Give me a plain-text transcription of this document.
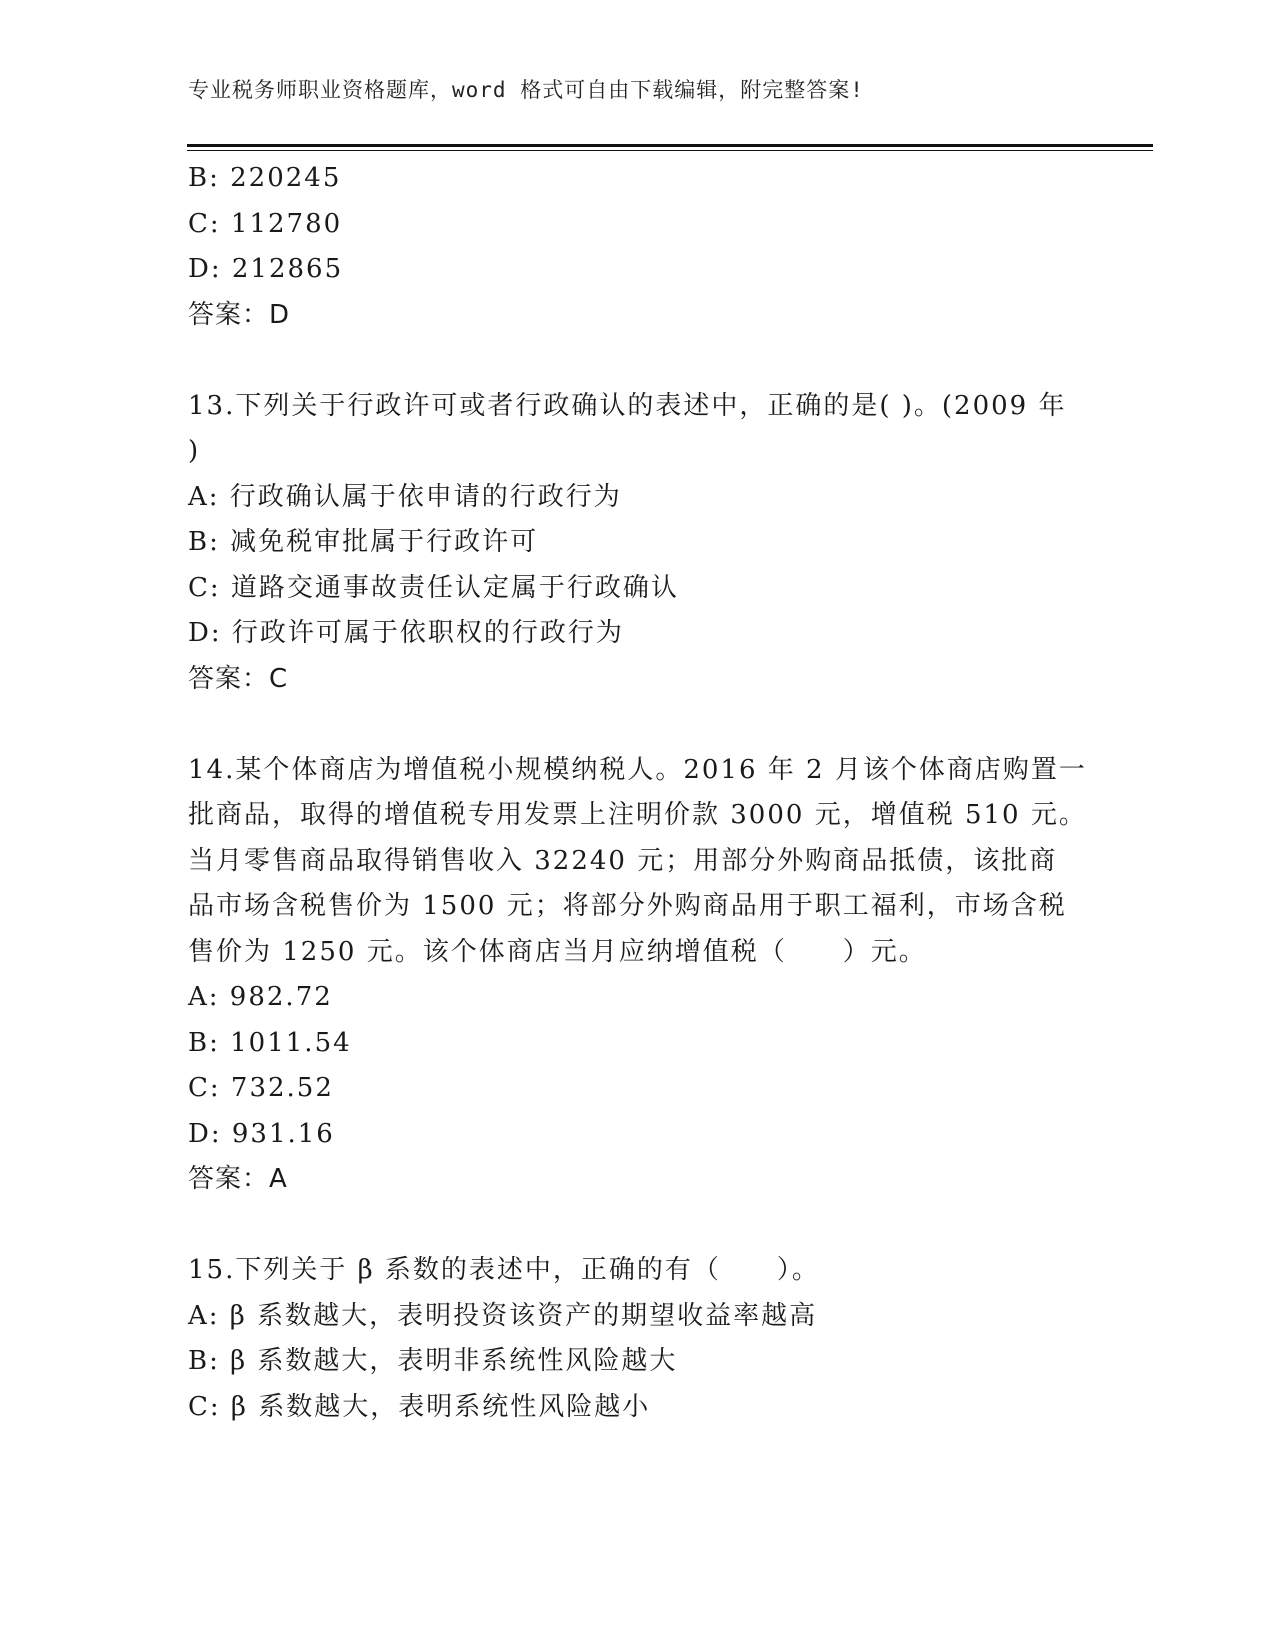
专业税务师职业资格题库，word 格式可自由下载编辑，附完整答案!
B: 220245
C: 112780
D: 212865
答案：D
13.下列关于行政许可或者行政确认的表述中，正确的是( )。(2009 年
)
A: 行政确认属于依申请的行政行为
B: 减免税审批属于行政许可
C: 道路交通事故责任认定属于行政确认
D: 行政许可属于依职权的行政行为
答案：C
14.某个体商店为增值税小规模纳税人。2016 年 2 月该个体商店购置一
批商品，取得的增值税专用发票上注明价款 3000 元，增值税 510 元。
当月零售商品取得销售收入 32240 元；用部分外购商品抵债，该批商
品市场含税售价为 1500 元；将部分外购商品用于职工福利，市场含税
售价为 1250 元。该个体商店当月应纳增值税（　　）元。
A: 982.72
B: 1011.54
C: 732.52
D: 931.16
答案：A
15.下列关于 β 系数的表述中，正确的有（　　）。
A: β 系数越大，表明投资该资产的期望收益率越高
B: β 系数越大，表明非系统性风险越大
C: β 系数越大，表明系统性风险越小
